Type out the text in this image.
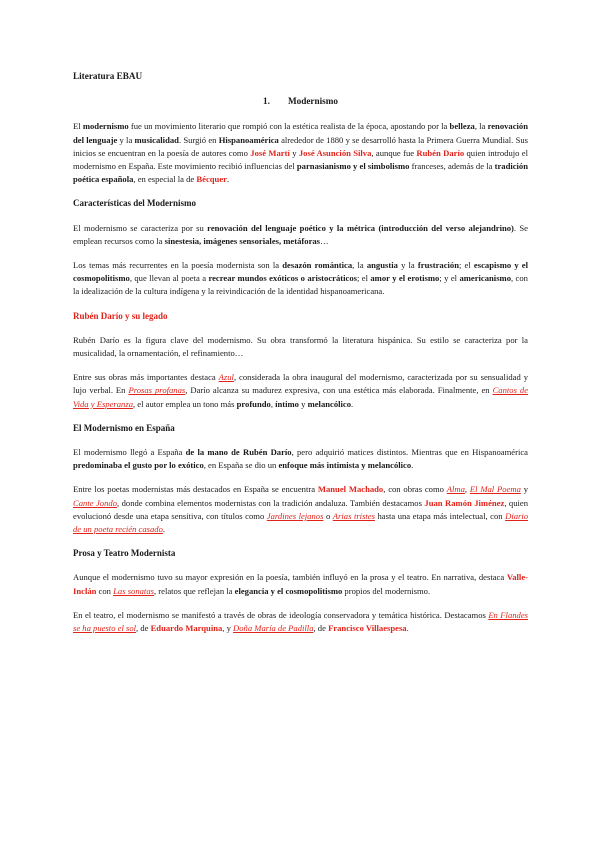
Literatura EBAU
1. Modernismo

El modernismo fue un movimiento literario que rompió con la estética realista de la época, apostando por la belleza, la renovación del lenguaje y la musicalidad. Surgió en Hispanoamérica alrededor de 1880 y se desarrolló hasta la Primera Guerra Mundial. Sus inicios se encuentran en la poesía de autores como José Martí y José Asunción Silva, aunque fue Rubén Darío quien introdujo el modernismo en España. Este movimiento recibió influencias del parnasianismo y el simbolismo franceses, además de la tradición poética española, en especial la de Bécquer.

Características del Modernismo

El modernismo se caracteriza por su renovación del lenguaje poético y la métrica (introducción del verso alejandrino). Se emplean recursos como la sinestesia, imágenes sensoriales, metáforas…

Los temas más recurrentes en la poesía modernista son la desazón romántica, la angustia y la frustración; el escapismo y el cosmopolitismo, que llevan al poeta a recrear mundos exóticos o aristocráticos; el amor y el erotismo; y el americanismo, con la idealización de la cultura indígena y la reivindicación de la identidad hispanoamericana.

Rubén Darío y su legado

Rubén Darío es la figura clave del modernismo. Su obra transformó la literatura hispánica. Su estilo se caracteriza por la musicalidad, la ornamentación, el refinamiento…

Entre sus obras más importantes destaca Azul, considerada la obra inaugural del modernismo, caracterizada por su sensualidad y lujo verbal. En Prosas profanas, Darío alcanza su madurez expresiva, con una estética más elaborada. Finalmente, en Cantos de Vida y Esperanza, el autor emplea un tono más profundo, íntimo y melancólico.

El Modernismo en España

El modernismo llegó a España de la mano de Rubén Darío, pero adquirió matices distintos. Mientras que en Hispanoamérica predominaba el gusto por lo exótico, en España se dio un enfoque más intimista y melancólico.

Entre los poetas modernistas más destacados en España se encuentra Manuel Machado, con obras como Alma, El Mal Poema y Cante Jondo, donde combina elementos modernistas con la tradición andaluza. También destacamos Juan Ramón Jiménez, quien evolucionó desde una etapa sensitiva, con títulos como Jardines lejanos o Arias tristes hasta una etapa más intelectual, con Diario de un poeta recién casado.

Prosa y Teatro Modernista

Aunque el modernismo tuvo su mayor expresión en la poesía, también influyó en la prosa y el teatro. En narrativa, destaca Valle-Inclán con Las sonatas, relatos que reflejan la elegancia y el cosmopolitismo propios del modernismo.

En el teatro, el modernismo se manifestó a través de obras de ideología conservadora y temática histórica. Destacamos En Flandes se ha puesto el sol, de Eduardo Marquina, y Doña María de Padilla, de Francisco Villaespesa.
